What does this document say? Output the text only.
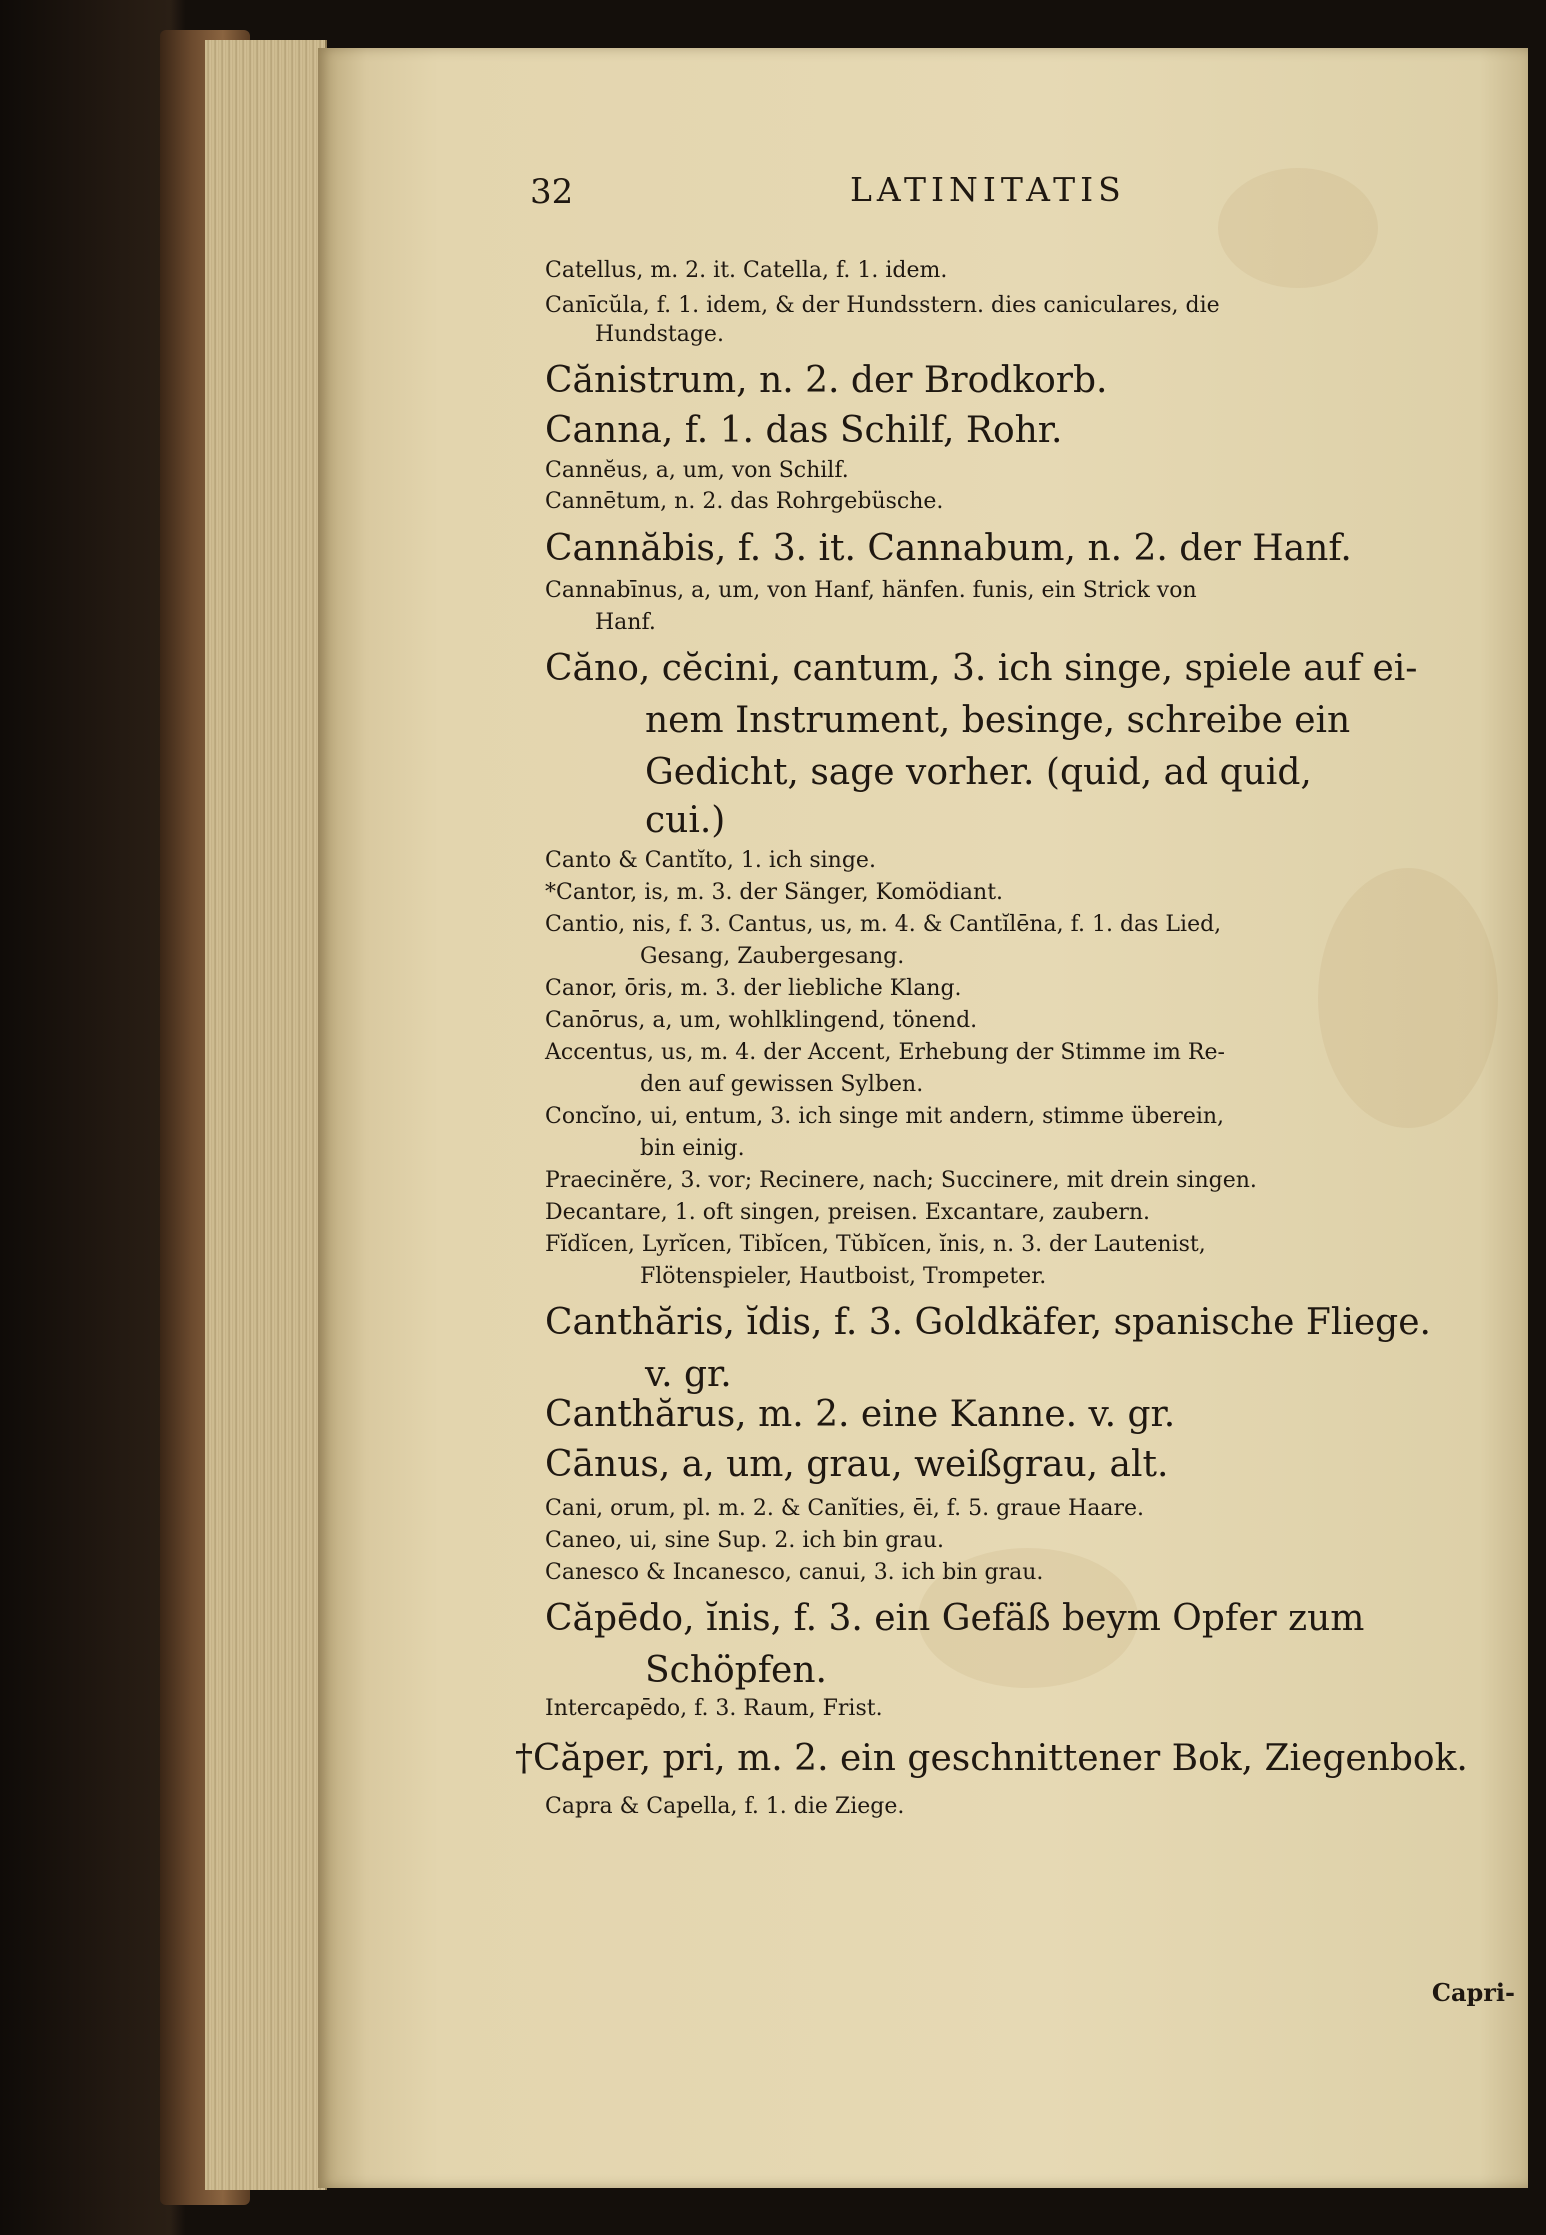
32	LATINITATIS
Catellus, m. 2. it. Catella, f. 1. idem.
Canīcŭla, f. 1. idem, & der Hundsstern. dies caniculares, die
Hundstage.
Cănistrum, n. 2. der Brodkorb.
Canna, f. 1. das Schilf, Rohr.
Cannĕus, a, um, von Schilf.
Cannētum, n. 2. das Rohrgebüsche.
Cannăbis, f. 3. it. Cannabum, n. 2. der Hanf.
Cannabīnus, a, um, von Hanf, hänfen. funis, ein Strick von
Hanf.
Căno, cĕcini, cantum, 3. ich singe, spiele auf ei-
nem Instrument, besinge, schreibe ein
Gedicht, sage vorher. (quid, ad quid,
cui.)
Canto & Cantĭto, 1. ich singe.
*Cantor, is, m. 3. der Sänger, Komödiant.
Cantio, nis, f. 3. Cantus, us, m. 4. & Cantĭlēna, f. 1. das Lied,
Gesang, Zaubergesang.
Canor, ōris, m. 3. der liebliche Klang.
Canōrus, a, um, wohlklingend, tönend.
Accentus, us, m. 4. der Accent, Erhebung der Stimme im Re-
den auf gewissen Sylben.
Concĭno, ui, entum, 3. ich singe mit andern, stimme überein,
bin einig.
Praecinĕre, 3. vor; Recinere, nach; Succinere, mit drein singen.
Decantare, 1. oft singen, preisen. Excantare, zaubern.
Fĭdĭcen, Lyrĭcen, Tibĭcen, Tŭbĭcen, ĭnis, n. 3. der Lautenist,
Flötenspieler, Hautboist, Trompeter.
Canthăris, ĭdis, f. 3. Goldkäfer, spanische Fliege.
v. gr.
Canthărus, m. 2. eine Kanne. v. gr.
Cānus, a, um, grau, weißgrau, alt.
Cani, orum, pl. m. 2. & Canĭties, ēi, f. 5. graue Haare.
Caneo, ui, sine Sup. 2. ich bin grau.
Canesco & Incanesco, canui, 3. ich bin grau.
Căpēdo, ĭnis, f. 3. ein Gefäß beym Opfer zum
Schöpfen.
Intercapēdo, f. 3. Raum, Frist.
†Căper, pri, m. 2. ein geschnittener Bok, Ziegenbok.
Capra & Capella, f. 1. die Ziege.
Capri-
